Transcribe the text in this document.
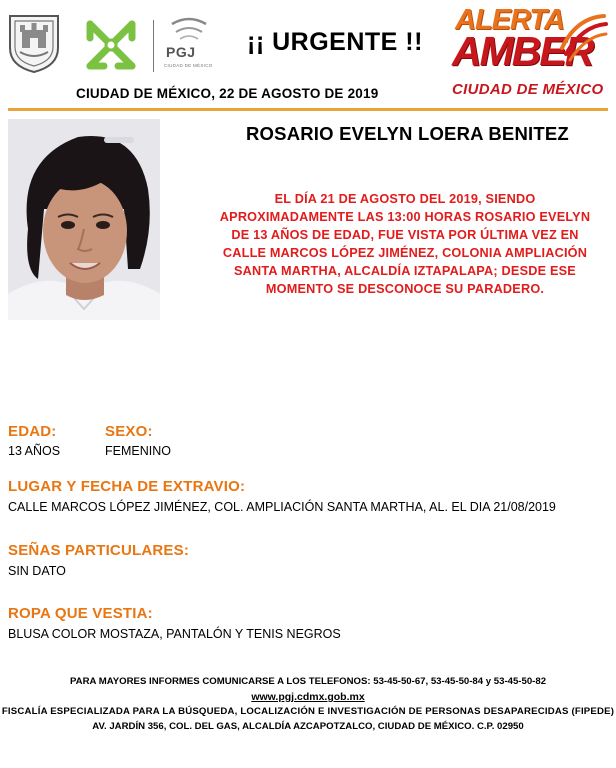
PGJ
CIUDAD DE MÉXICO
¡¡ URGENTE !!
ALERTA
AMBER
CIUDAD DE MÉXICO
CIUDAD DE MÉXICO, 22 DE AGOSTO DE 2019
ROSARIO EVELYN LOERA BENITEZ
EL DÍA 21 DE AGOSTO DEL 2019, SIENDO APROXIMADAMENTE LAS 13:00 HORAS ROSARIO EVELYN DE 13 AÑOS DE EDAD, FUE VISTA POR ÚLTIMA VEZ EN CALLE MARCOS LÓPEZ JIMÉNEZ, COLONIA AMPLIACIÓN SANTA MARTHA, ALCALDÍA IZTAPALAPA; DESDE ESE MOMENTO SE DESCONOCE SU PARADERO.
EDAD:
13 AÑOS
SEXO:
FEMENINO
LUGAR Y FECHA DE EXTRAVIO:
CALLE MARCOS LÓPEZ JIMÉNEZ, COL. AMPLIACIÓN SANTA MARTHA, AL. EL DIA 21/08/2019
SEÑAS PARTICULARES:
SIN DATO
ROPA QUE VESTIA:
BLUSA COLOR MOSTAZA, PANTALÓN Y TENIS NEGROS
PARA MAYORES INFORMES COMUNICARSE A LOS TELEFONOS: 53-45-50-67, 53-45-50-84 y 53-45-50-82
www.pgj.cdmx.gob.mx
FISCALÍA ESPECIALIZADA PARA LA BÚSQUEDA, LOCALIZACIÓN E INVESTIGACIÓN DE PERSONAS DESAPARECIDAS (FIPEDE)
AV. JARDÍN 356, COL. DEL GAS, ALCALDÍA AZCAPOTZALCO, CIUDAD DE MÉXICO. C.P. 02950
